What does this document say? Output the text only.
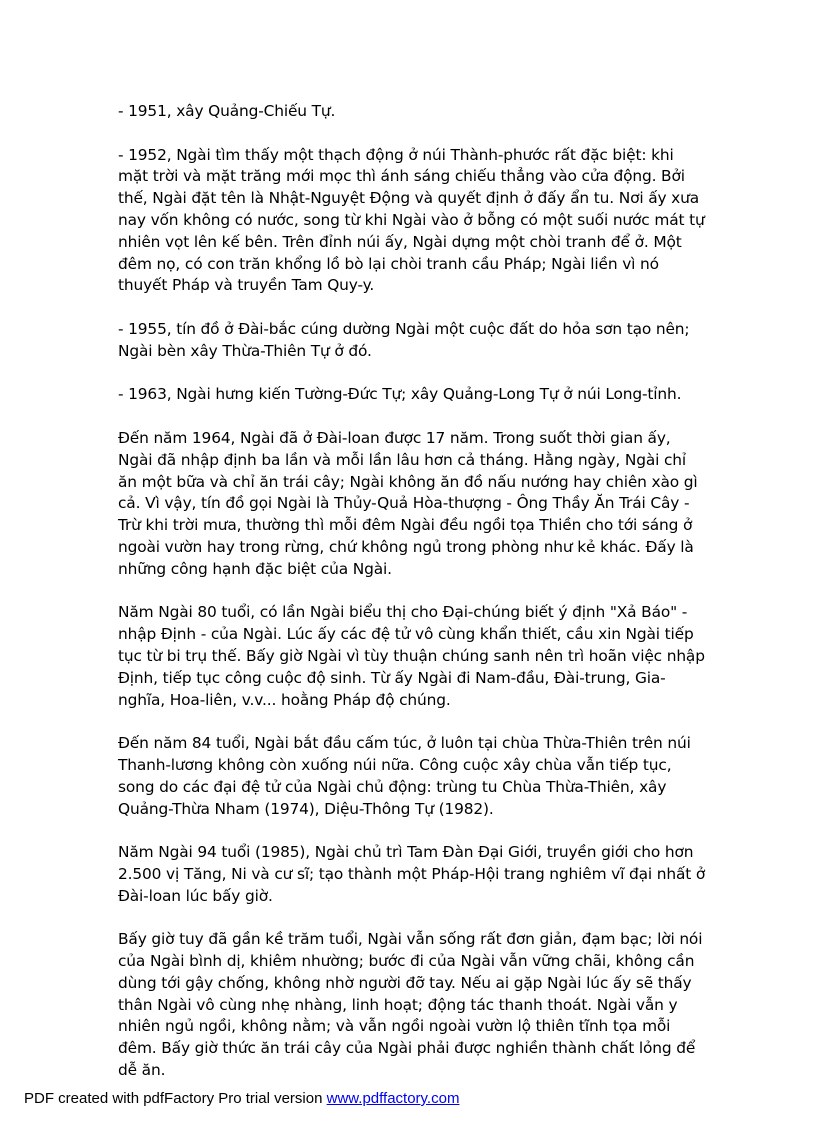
- 1951, xây Quảng-Chiếu Tự.

- 1952, Ngài tìm thấy một thạch động ở núi Thành-phước rất đặc biệt: khi mặt trời và mặt trăng mới mọc thì ánh sáng chiếu thẳng vào cửa động. Bởi thế, Ngài đặt tên là Nhật-Nguyệt Động và quyết định ở đấy ẩn tu. Nơi ấy xưa nay vốn không có nước, song từ khi Ngài vào ở bỗng có một suối nước mát tự nhiên vọt lên kế bên. Trên đỉnh núi ấy, Ngài dựng một chòi tranh để ở. Một đêm nọ, có con trăn khổng lồ bò lại chòi tranh cầu Pháp; Ngài liền vì nó thuyết Pháp và truyền Tam Quy-y.

- 1955, tín đồ ở Đài-bắc cúng dường Ngài một cuộc đất do hỏa sơn tạo nên; Ngài bèn xây Thừa-Thiên Tự ở đó.

- 1963, Ngài hưng kiến Tường-Đức Tự; xây Quảng-Long Tự ở núi Long-tỉnh.

Đến năm 1964, Ngài đã ở Đài-loan được 17 năm. Trong suốt thời gian ấy, Ngài đã nhập định ba lần và mỗi lần lâu hơn cả tháng. Hằng ngày, Ngài chỉ ăn một bữa và chỉ ăn trái cây; Ngài không ăn đồ nấu nướng hay chiên xào gì cả. Vì vậy, tín đồ gọi Ngài là Thủy-Quả Hòa-thượng - Ông Thầy Ăn Trái Cây - Trừ khi trời mưa, thường thì mỗi đêm Ngài đều ngồi tọa Thiền cho tới sáng ở ngoài vườn hay trong rừng, chứ không ngủ trong phòng như kẻ khác. Đấy là những công hạnh đặc biệt của Ngài.

Năm Ngài 80 tuổi, có lần Ngài biểu thị cho Đại-chúng biết ý định "Xả Báo" - nhập Định - của Ngài. Lúc ấy các đệ tử vô cùng khẩn thiết, cầu xin Ngài tiếp tục từ bi trụ thế. Bấy giờ Ngài vì tùy thuận chúng sanh nên trì hoãn việc nhập Định, tiếp tục công cuộc độ sinh. Từ ấy Ngài đi Nam-đầu, Đài-trung, Gia-nghĩa, Hoa-liên, v.v... hoằng Pháp độ chúng.

Đến năm 84 tuổi, Ngài bắt đầu cấm túc, ở luôn tại chùa Thừa-Thiên trên núi Thanh-lương không còn xuống núi nữa. Công cuộc xây chùa vẫn tiếp tục, song do các đại đệ tử của Ngài chủ động: trùng tu Chùa Thừa-Thiên, xây Quảng-Thừa Nham (1974), Diệu-Thông Tự (1982).

Năm Ngài 94 tuổi (1985), Ngài chủ trì Tam Đàn Đại Giới, truyền giới cho hơn 2.500 vị Tăng, Ni và cư sĩ; tạo thành một Pháp-Hội trang nghiêm vĩ đại nhất ở Đài-loan lúc bấy giờ.

Bấy giờ tuy đã gần kề trăm tuổi, Ngài vẫn sống rất đơn giản, đạm bạc; lời nói của Ngài bình dị, khiêm nhường; bước đi của Ngài vẫn vững chãi, không cần dùng tới gậy chống, không nhờ người đỡ tay. Nếu ai gặp Ngài lúc ấy sẽ thấy thân Ngài vô cùng nhẹ nhàng, linh hoạt; động tác thanh thoát. Ngài vẫn y nhiên ngủ ngồi, không nằm; và vẫn ngồi ngoài vườn lộ thiên tĩnh tọa mỗi đêm. Bấy giờ thức ăn trái cây của Ngài phải được nghiền thành chất lỏng để dễ ăn.

PDF created with pdfFactory Pro trial version www.pdffactory.com
